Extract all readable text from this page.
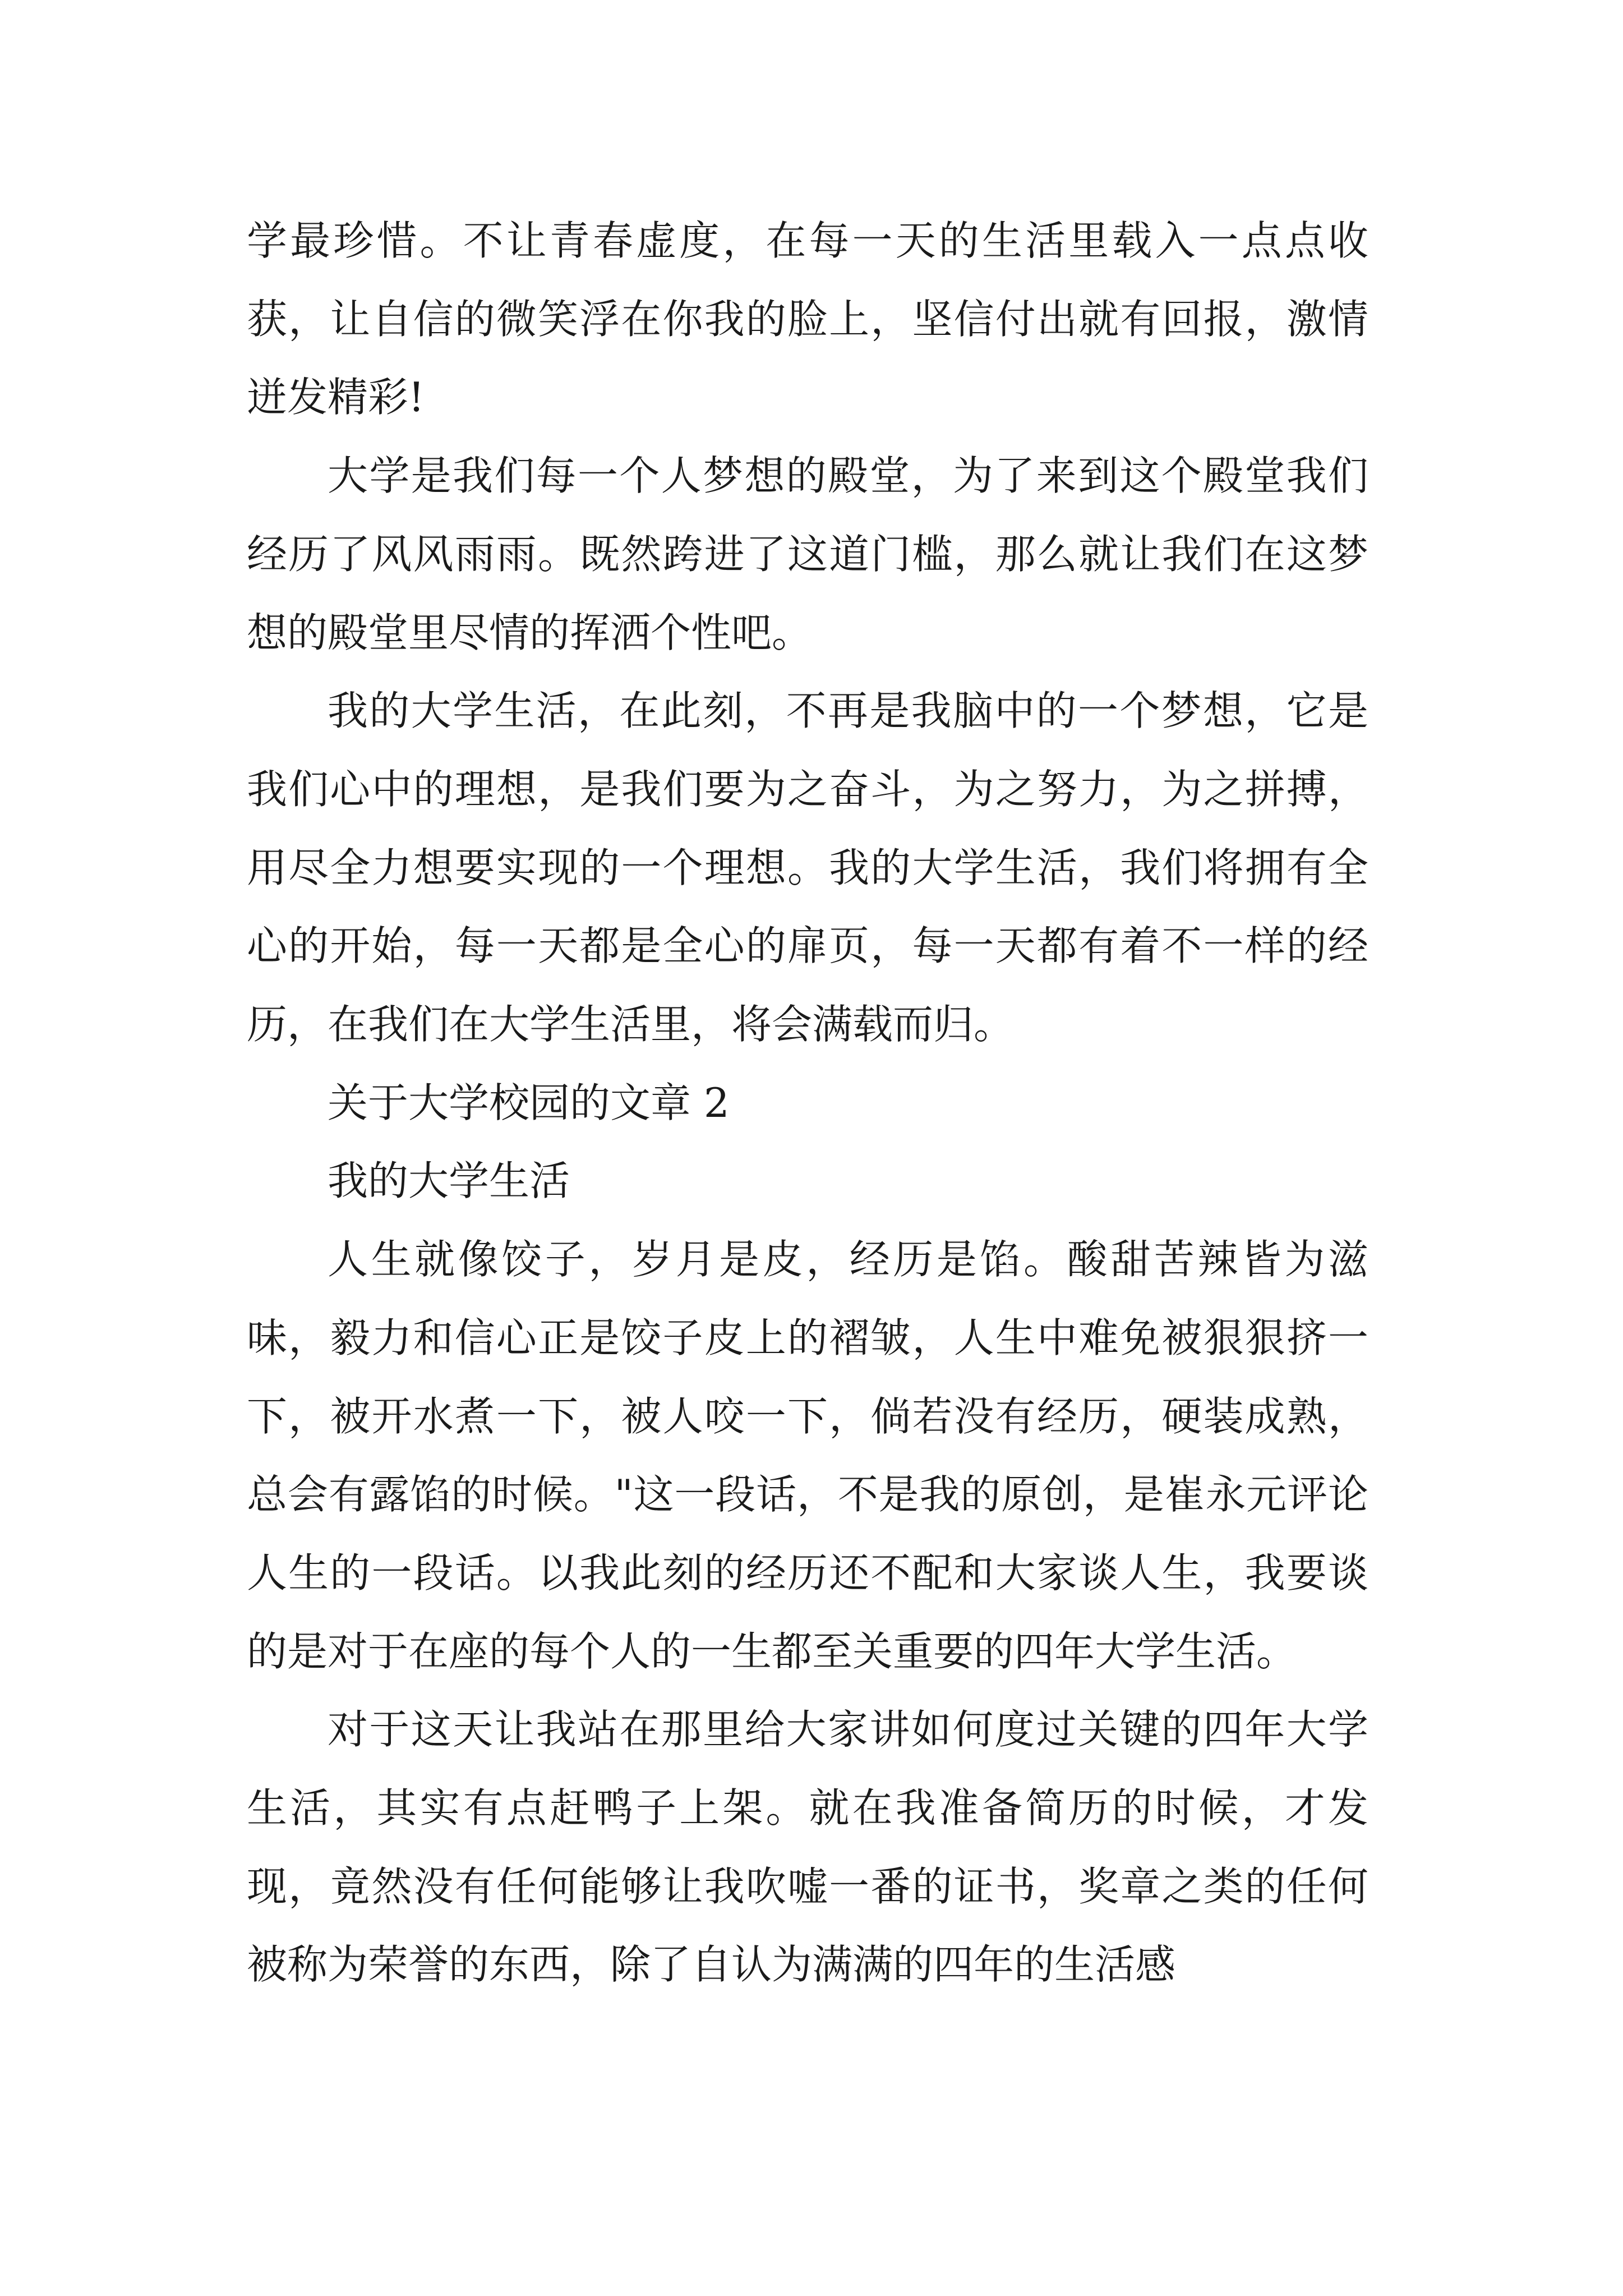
学最珍惜。不让青春虚度，在每一天的生活里载入一点点收获，让自信的微笑浮在你我的脸上，坚信付出就有回报，激情迸发精彩!

大学是我们每一个人梦想的殿堂，为了来到这个殿堂我们经历了风风雨雨。既然跨进了这道门槛，那么就让我们在这梦想的殿堂里尽情的挥洒个性吧。

我的大学生活，在此刻，不再是我脑中的一个梦想，它是我们心中的理想，是我们要为之奋斗，为之努力，为之拼搏，用尽全力想要实现的一个理想。我的大学生活，我们将拥有全心的开始，每一天都是全心的扉页，每一天都有着不一样的经历，在我们在大学生活里，将会满载而归。

关于大学校园的文章 2

我的大学生活

人生就像饺子，岁月是皮，经历是馅。酸甜苦辣皆为滋味，毅力和信心正是饺子皮上的褶皱，人生中难免被狠狠挤一下，被开水煮一下，被人咬一下，倘若没有经历，硬装成熟，总会有露馅的时候。"这一段话，不是我的原创，是崔永元评论人生的一段话。以我此刻的经历还不配和大家谈人生，我要谈的是对于在座的每个人的一生都至关重要的四年大学生活。

对于这天让我站在那里给大家讲如何度过关键的四年大学生活，其实有点赶鸭子上架。就在我准备简历的时候，才发现，竟然没有任何能够让我吹嘘一番的证书，奖章之类的任何被称为荣誉的东西，除了自认为满满的四年的生活感
